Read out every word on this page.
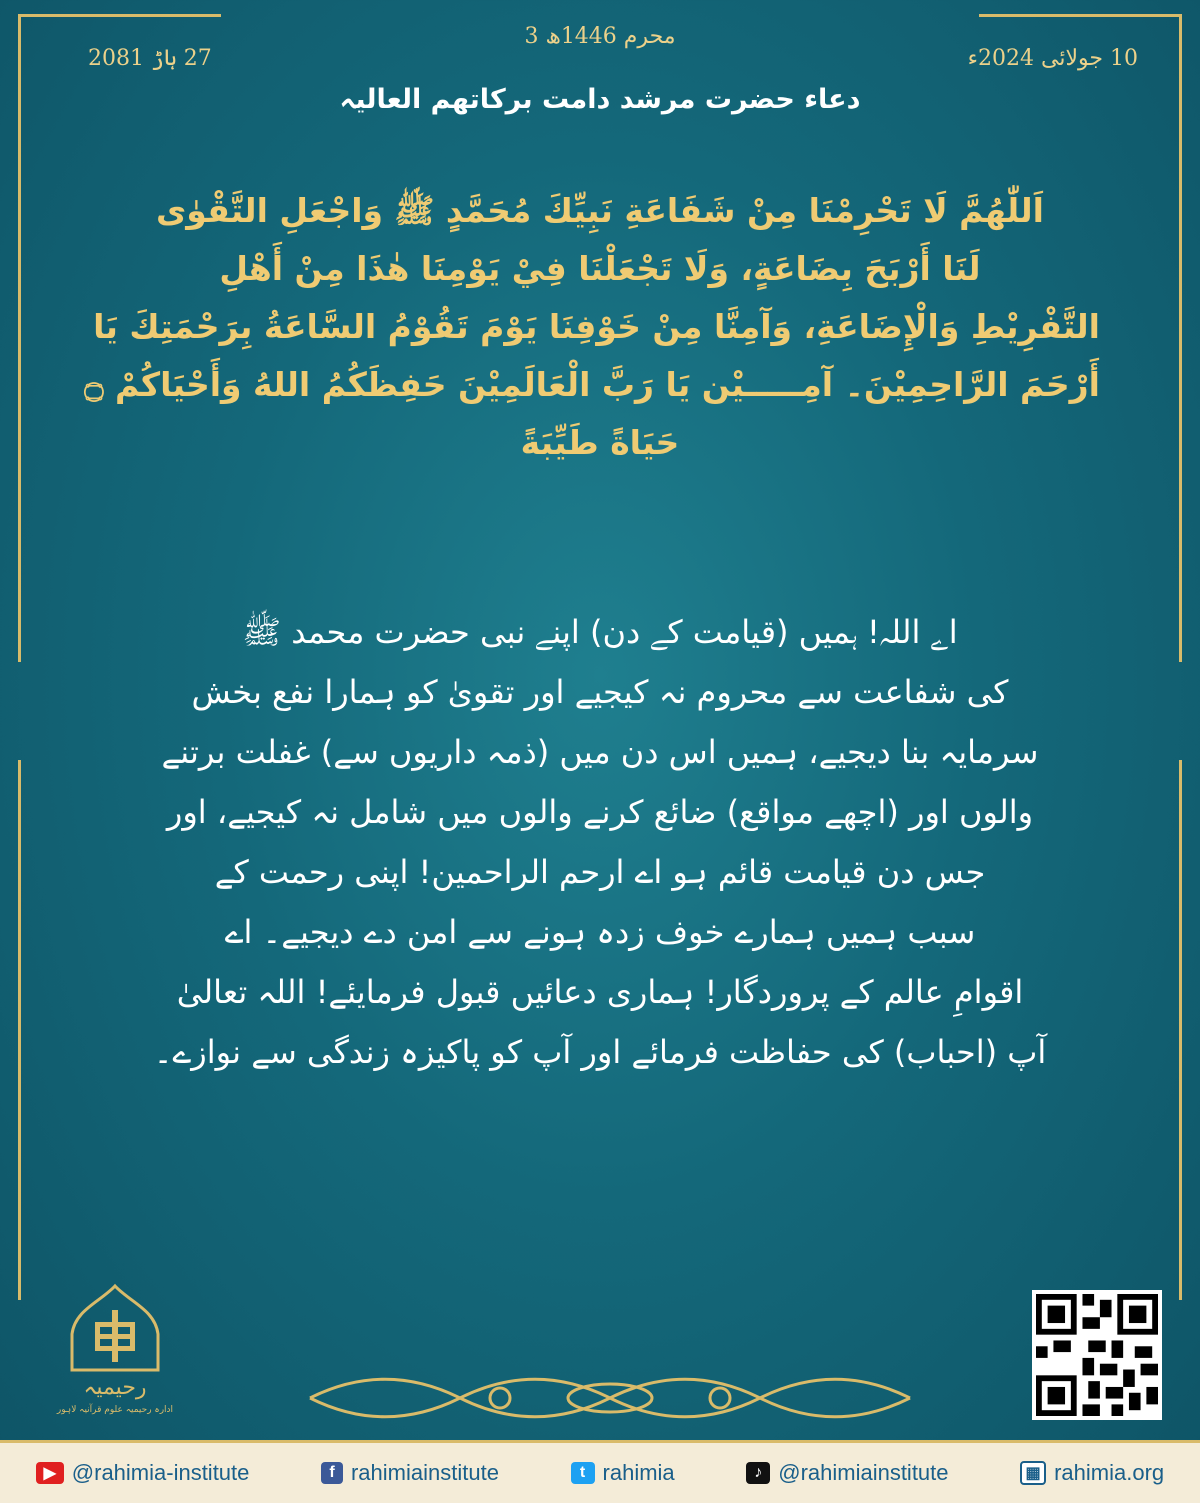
3 محرم 1446ھ
10 جولائی 2024ء
27 ہاڑ 2081
دعاء حضرت مرشد دامت برکاتھم العالیہ
اَللّٰھُمَّ لَا تَحْرِمْنَا مِنْ شَفَاعَةِ نَبِيِّكَ مُحَمَّدٍ ﷺ وَاجْعَلِ التَّقْوٰى
لَنَا أَرْبَحَ بِضَاعَةٍ، وَلَا تَجْعَلْنَا فِيْ يَوْمِنَا هٰذَا مِنْ أَهْلِ
التَّفْرِيْطِ وَالْإِضَاعَةِ، وَآمِنَّا مِنْ خَوْفِنَا يَوْمَ تَقُوْمُ السَّاعَةُ بِرَحْمَتِكَ يَا
أَرْحَمَ الرَّاحِمِيْنَ۔ آمِـــــيْن يَا رَبَّ الْعَالَمِيْنَ حَفِظَكُمُ اللهُ وَأَحْيَاكُمْ ۝
حَيَاةً طَيِّبَةً
اے اللہ! ہمیں (قیامت کے دن) اپنے نبی حضرت محمد ﷺ
کی شفاعت سے محروم نہ کیجیے اور تقویٰ کو ہمارا نفع بخش
سرمایہ بنا دیجیے، ہمیں اس دن میں (ذمہ داریوں سے) غفلت برتنے
والوں اور (اچھے مواقع) ضائع کرنے والوں میں شامل نہ کیجیے، اور
جس دن قیامت قائم ہو اے ارحم الراحمین! اپنی رحمت کے
سبب ہمیں ہمارے خوف زدہ ہونے سے امن دے دیجیے۔ اے
اقوامِ عالم کے پروردگار! ہماری دعائیں قبول فرمایئے! اللہ تعالیٰ
آپ (احباب) کی حفاظت فرمائے اور آپ کو پاکیزہ زندگی سے نوازے۔
رحیمیہ
ادارہ رحیمیہ علوم قرآنیہ لاہور
▶ @rahimia-institute	f rahimiainstitute	t rahimia	♪ @rahimiainstitute	▦ rahimia.org
